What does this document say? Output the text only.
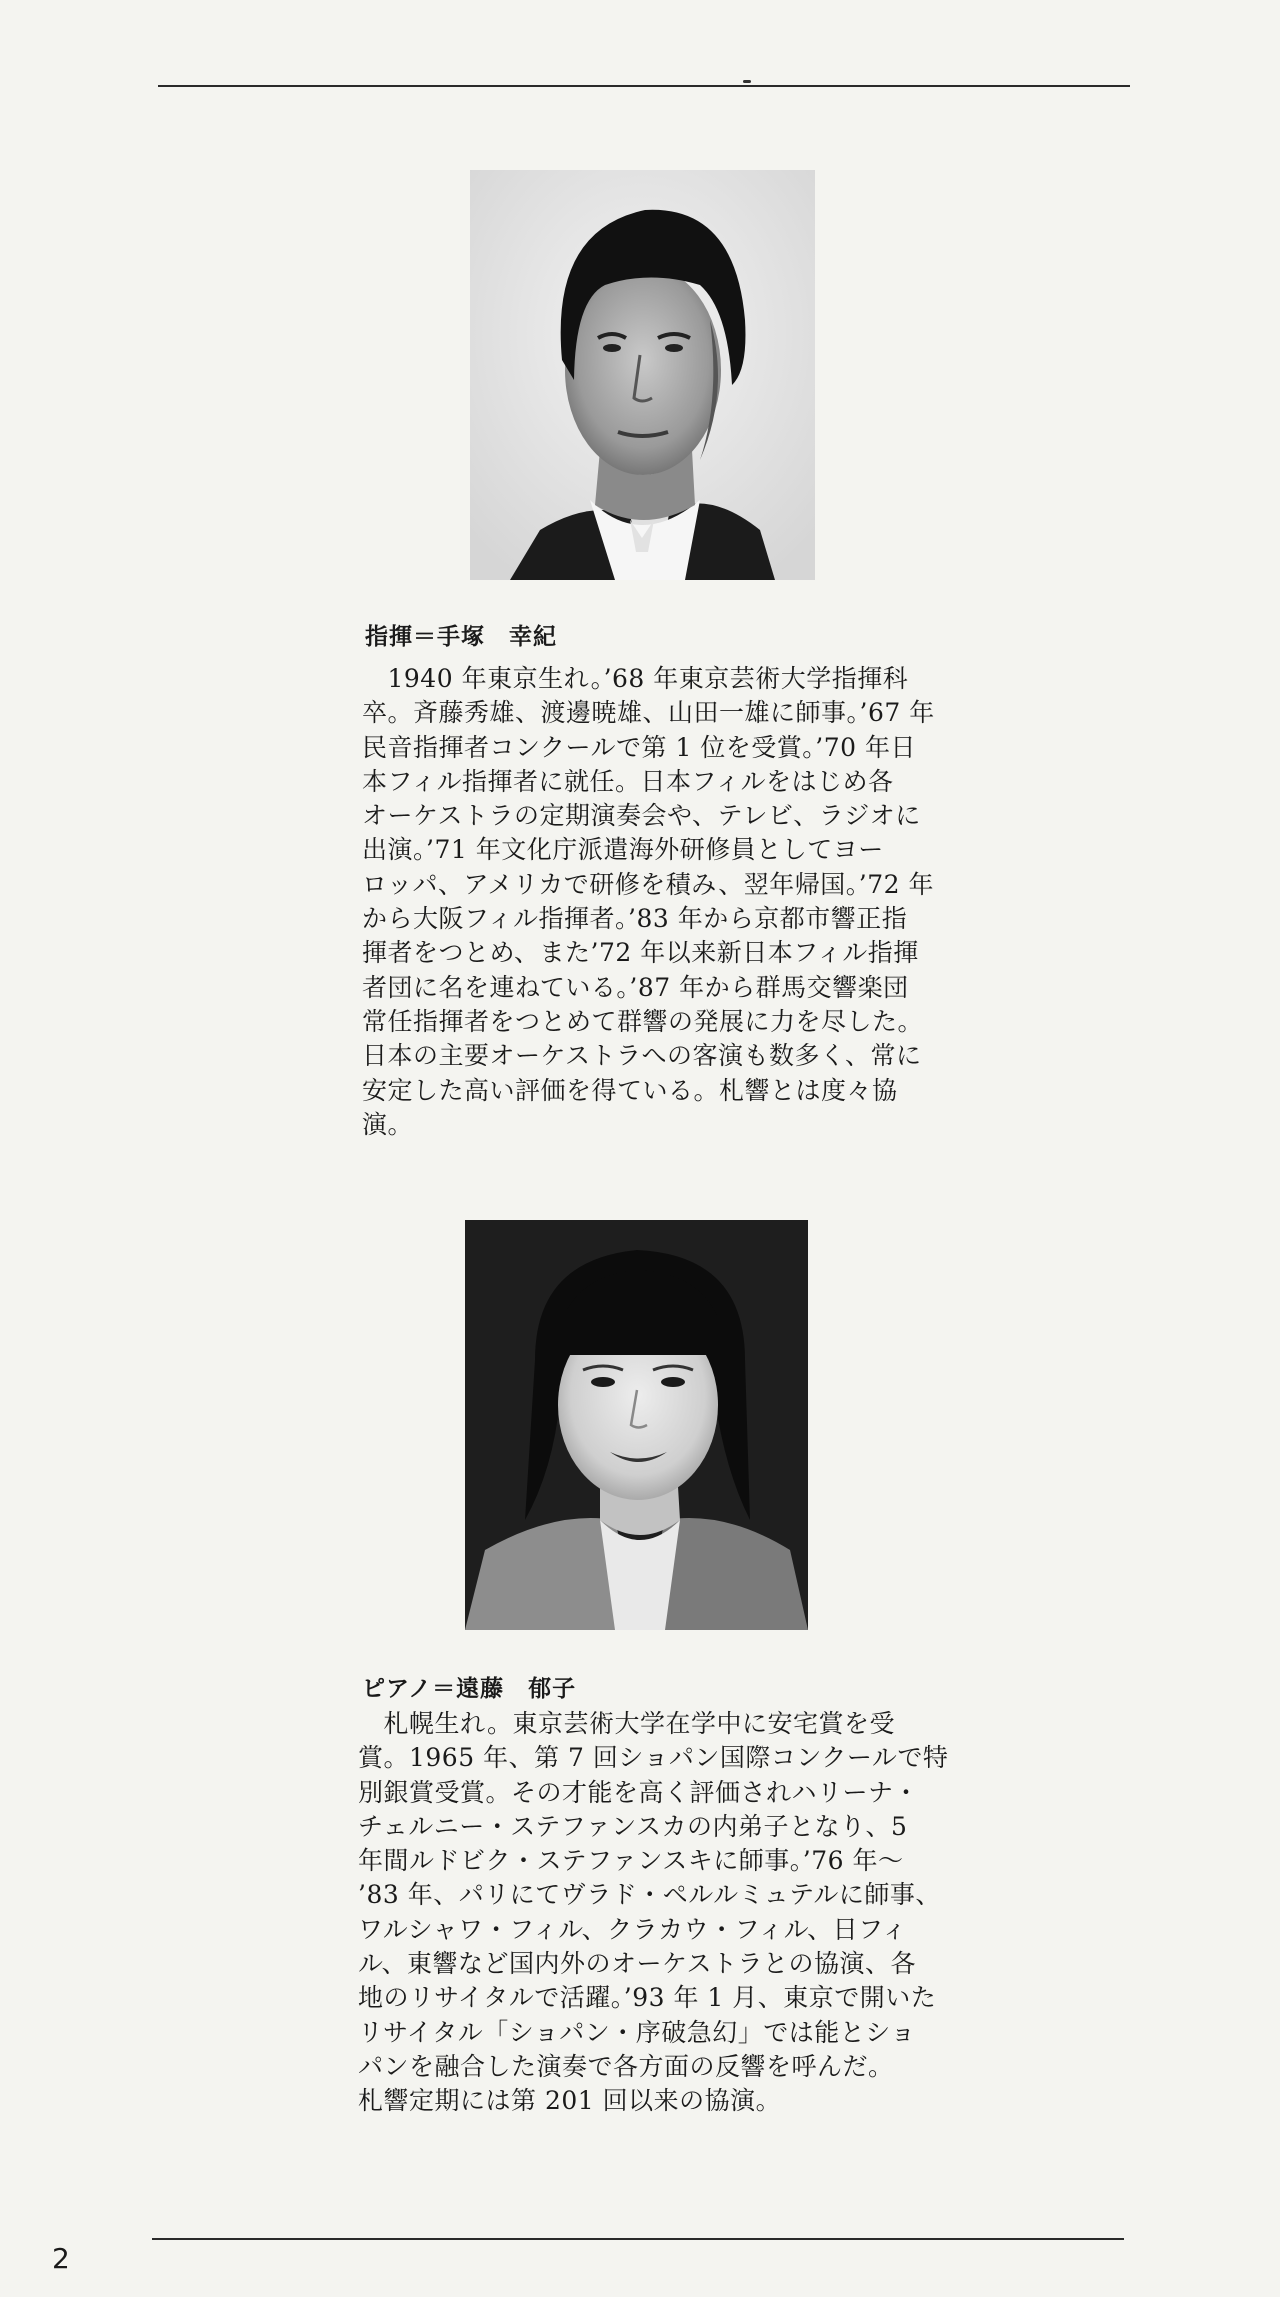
指揮＝手塚　幸紀
　1940 年東京生れ。’68 年東京芸術大学指揮科
卒。斉藤秀雄、渡邊暁雄、山田一雄に師事。’67 年
民音指揮者コンクールで第 1 位を受賞。’70 年日
本フィル指揮者に就任。日本フィルをはじめ各
オーケストラの定期演奏会や、テレビ、ラジオに
出演。’71 年文化庁派遣海外研修員としてヨー
ロッパ、アメリカで研修を積み、翌年帰国。’72 年
から大阪フィル指揮者。’83 年から京都市響正指
揮者をつとめ、また’72 年以来新日本フィル指揮
者団に名を連ねている。’87 年から群馬交響楽団
常任指揮者をつとめて群響の発展に力を尽した。
日本の主要オーケストラへの客演も数多く、常に
安定した高い評価を得ている。札響とは度々協
演。
ピアノ＝遠藤　郁子
　札幌生れ。東京芸術大学在学中に安宅賞を受
賞。1965 年、第 7 回ショパン国際コンクールで特
別銀賞受賞。その才能を高く評価されハリーナ・
チェルニー・ステファンスカの内弟子となり、5
年間ルドビク・ステファンスキに師事。’76 年〜
’83 年、パリにてヴラド・ペルルミュテルに師事、
ワルシャワ・フィル、クラカウ・フィル、日フィ
ル、東響など国内外のオーケストラとの協演、各
地のリサイタルで活躍。’93 年 1 月、東京で開いた
リサイタル「ショパン・序破急幻」では能とショ
パンを融合した演奏で各方面の反響を呼んだ。
札響定期には第 201 回以来の協演。
2
